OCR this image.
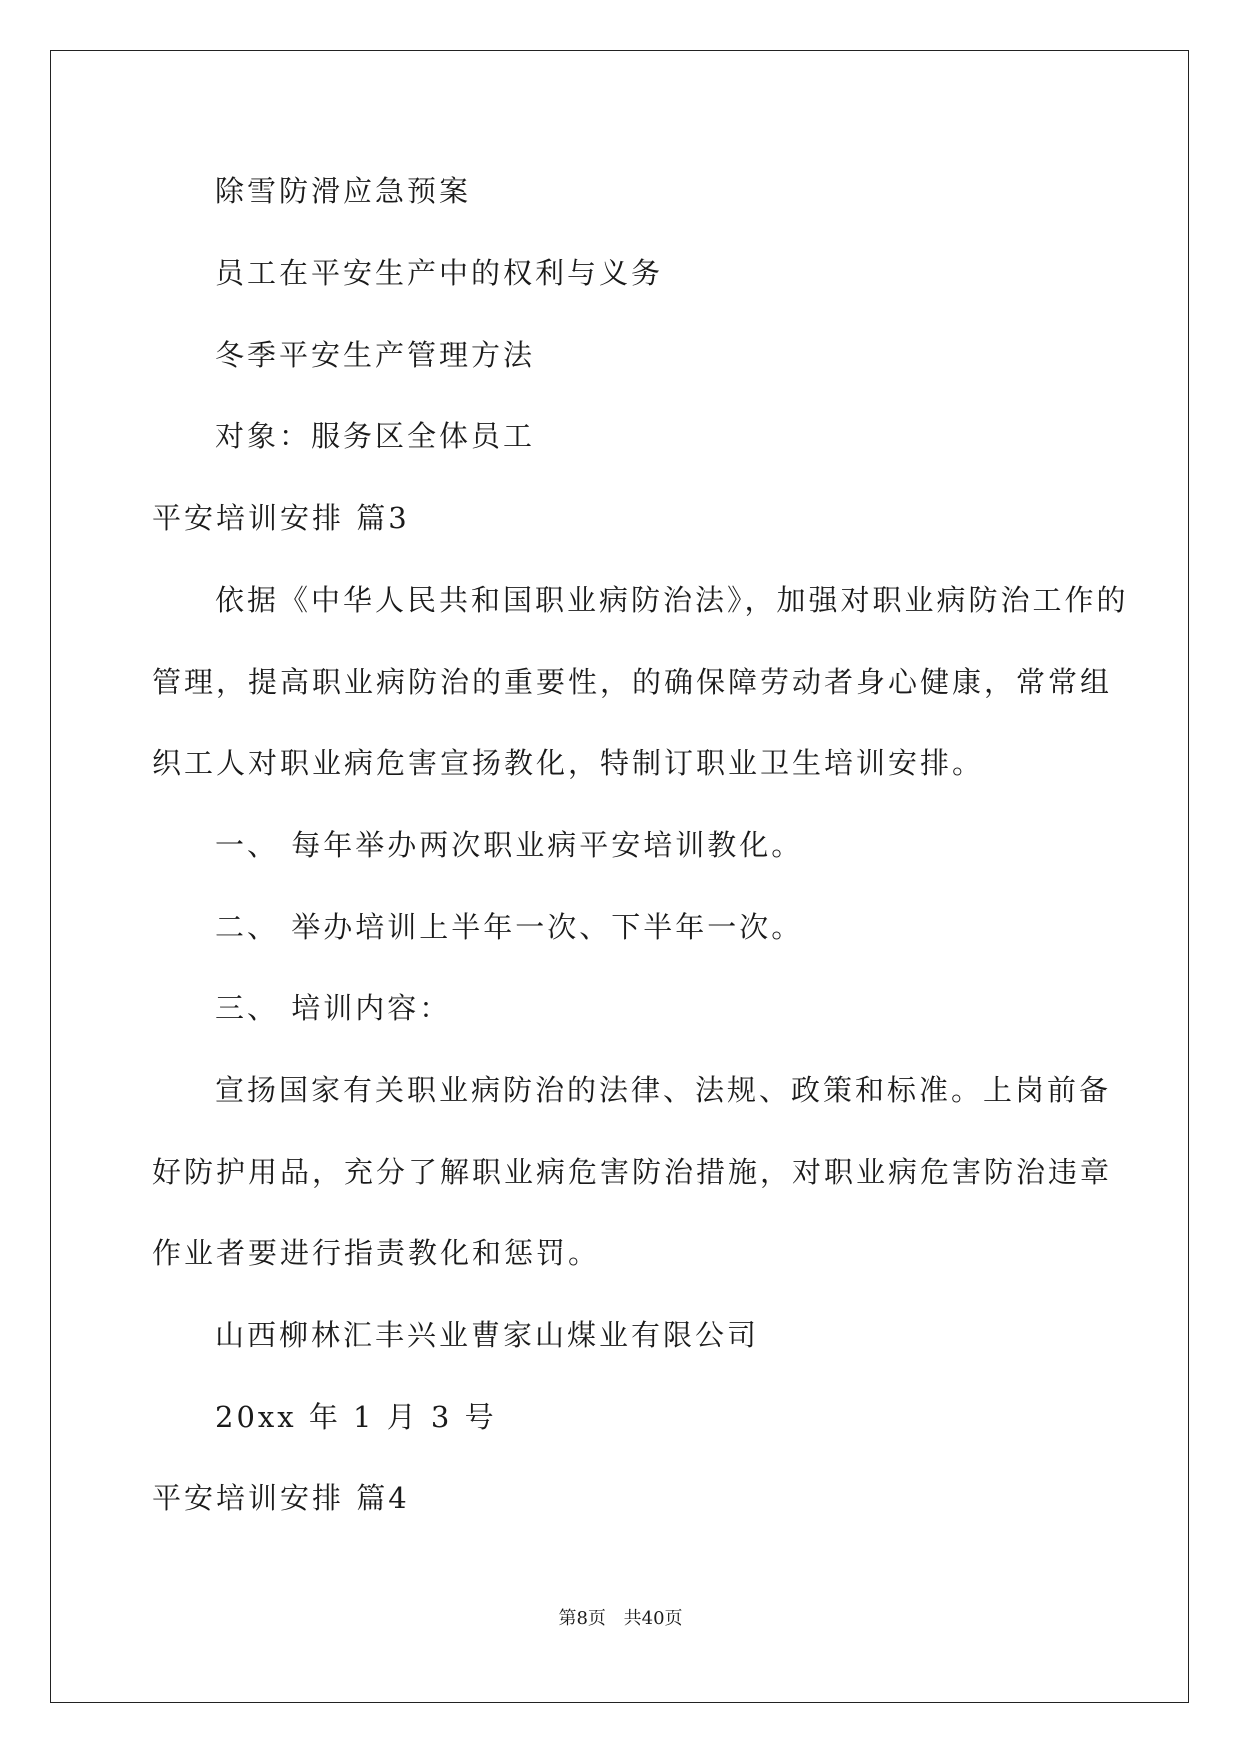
除雪防滑应急预案
员工在平安生产中的权利与义务
冬季平安生产管理方法
对象：服务区全体员工
平安培训安排 篇3
依据《中华人民共和国职业病防治法》，加强对职业病防治工作的
管理，提高职业病防治的重要性，的确保障劳动者身心健康，常常组
织工人对职业病危害宣扬教化，特制订职业卫生培训安排。
一、 每年举办两次职业病平安培训教化。
二、 举办培训上半年一次、下半年一次。
三、 培训内容：
宣扬国家有关职业病防治的法律、法规、政策和标准。上岗前备
好防护用品，充分了解职业病危害防治措施，对职业病危害防治违章
作业者要进行指责教化和惩罚。
山西柳林汇丰兴业曹家山煤业有限公司
20xx 年 1 月 3 号
平安培训安排 篇4
第8页 共40页
